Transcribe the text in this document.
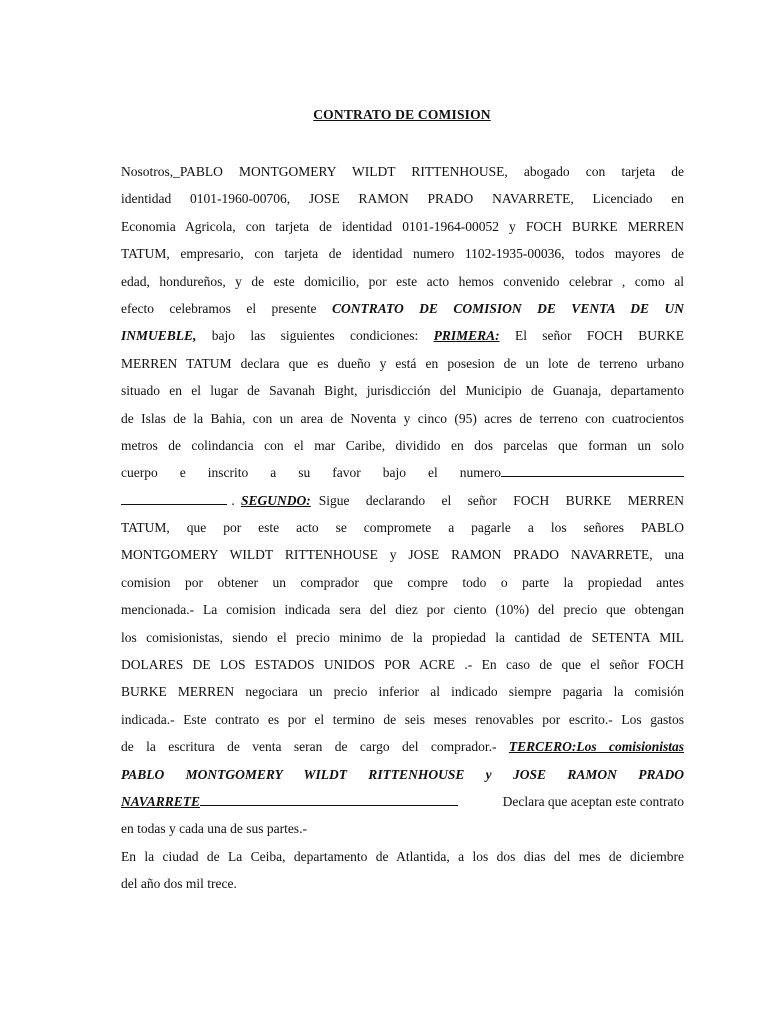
CONTRATO DE COMISION
Nosotros,_PABLO MONTGOMERY WILDT RITTENHOUSE, abogado con tarjeta de
identidad 0101-1960-00706, JOSE RAMON PRADO NAVARRETE, Licenciado en
Economia Agricola, con tarjeta de identidad 0101-1964-00052 y FOCH BURKE MERREN
TATUM, empresario, con tarjeta de identidad numero 1102-1935-00036, todos mayores de
edad, hondureños, y de este domicilio, por este acto hemos convenido celebrar , como al
efecto celebramos el presente CONTRATO DE COMISION DE VENTA DE UN
INMUEBLE, bajo las siguientes condiciones: PRIMERA: El señor FOCH BURKE
MERREN TATUM declara que es dueño y está en posesion de un lote de terreno urbano
situado en el lugar de Savanah Bight, jurisdicción del Municipio de Guanaja, departamento
de Islas de la Bahia, con un area de Noventa y cinco (95) acres de terreno con cuatrocientos
metros de colindancia con el mar Caribe, dividido en dos parcelas que forman un solo
cuerpo e inscrito a su favor bajo el numero
. SEGUNDO: Sigue declarando el señor FOCH BURKE MERREN
TATUM, que por este acto se compromete a pagarle a los señores PABLO
MONTGOMERY WILDT RITTENHOUSE y JOSE RAMON PRADO NAVARRETE, una
comision por obtener un comprador que compre todo o parte la propiedad antes
mencionada.- La comision indicada sera del diez por ciento (10%) del precio que obtengan
los comisionistas, siendo el precio minimo de la propiedad la cantidad de SETENTA MIL
DOLARES DE LOS ESTADOS UNIDOS POR ACRE .- En caso de que el señor FOCH
BURKE MERREN negociara un precio inferior al indicado siempre pagaria la comisión
indicada.- Este contrato es por el termino de seis meses renovables por escrito.- Los gastos
de la escritura de venta seran de cargo del comprador.- TERCERO:Los comisionistas
PABLO MONTGOMERY WILDT RITTENHOUSE y JOSE RAMON PRADO
NAVARRETE	Declara que aceptan este contrato
en todas y cada una de sus partes.-
En la ciudad de La Ceiba, departamento de Atlantida, a los dos dias del mes de diciembre
del año dos mil trece.
